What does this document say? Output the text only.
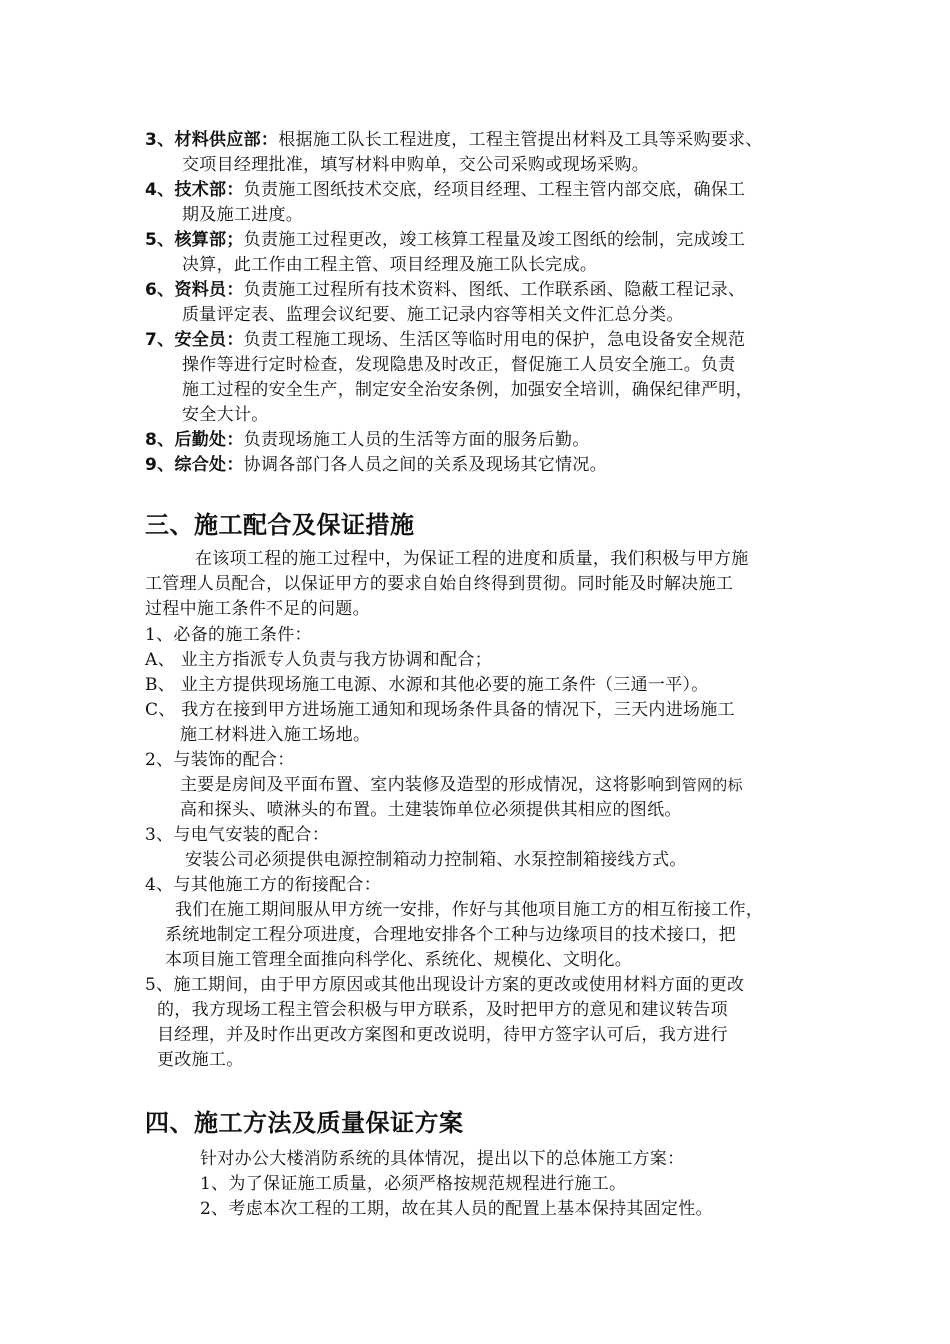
3、材料供应部：根据施工队长工程进度，工程主管提出材料及工具等采购要求、
交项目经理批准，填写材料申购单，交公司采购或现场采购。
4、技术部：负责施工图纸技术交底，经项目经理、工程主管内部交底，确保工
期及施工进度。
5、核算部；负责施工过程更改，竣工核算工程量及竣工图纸的绘制，完成竣工
决算，此工作由工程主管、项目经理及施工队长完成。
6、资料员：负责施工过程所有技术资料、图纸、工作联系函、隐蔽工程记录、
质量评定表、监理会议纪要、施工记录内容等相关文件汇总分类。
7、安全员：负责工程施工现场、生活区等临时用电的保护，急电设备安全规范
操作等进行定时检查，发现隐患及时改正，督促施工人员安全施工。负责
施工过程的安全生产，制定安全治安条例，加强安全培训，确保纪律严明，
安全大计。
8、后勤处：负责现场施工人员的生活等方面的服务后勤。
9、综合处：协调各部门各人员之间的关系及现场其它情况。
三、施工配合及保证措施
在该项工程的施工过程中，为保证工程的进度和质量，我们积极与甲方施
工管理人员配合，以保证甲方的要求自始自终得到贯彻。同时能及时解决施工
过程中施工条件不足的问题。
1、必备的施工条件：
A、 业主方指派专人负责与我方协调和配合；
B、 业主方提供现场施工电源、水源和其他必要的施工条件（三通一平）。
C、 我方在接到甲方进场施工通知和现场条件具备的情况下，三天内进场施工
施工材料进入施工场地。
2、与装饰的配合：
主要是房间及平面布置、室内装修及造型的形成情况，这将影响到管网的标
高和探头、喷淋头的布置。土建装饰单位必须提供其相应的图纸。
3、与电气安装的配合：
安装公司必须提供电源控制箱动力控制箱、水泵控制箱接线方式。
4、与其他施工方的衔接配合：
我们在施工期间服从甲方统一安排，作好与其他项目施工方的相互衔接工作，
系统地制定工程分项进度，合理地安排各个工种与边缘项目的技术接口，把
本项目施工管理全面推向科学化、系统化、规模化、文明化。
5、施工期间，由于甲方原因或其他出现设计方案的更改或使用材料方面的更改
的，我方现场工程主管会积极与甲方联系，及时把甲方的意见和建议转告项
目经理，并及时作出更改方案图和更改说明，待甲方签字认可后，我方进行
更改施工。
四、施工方法及质量保证方案
针对办公大楼消防系统的具体情况，提出以下的总体施工方案：
1、为了保证施工质量，必须严格按规范规程进行施工。
2、考虑本次工程的工期，故在其人员的配置上基本保持其固定性。
